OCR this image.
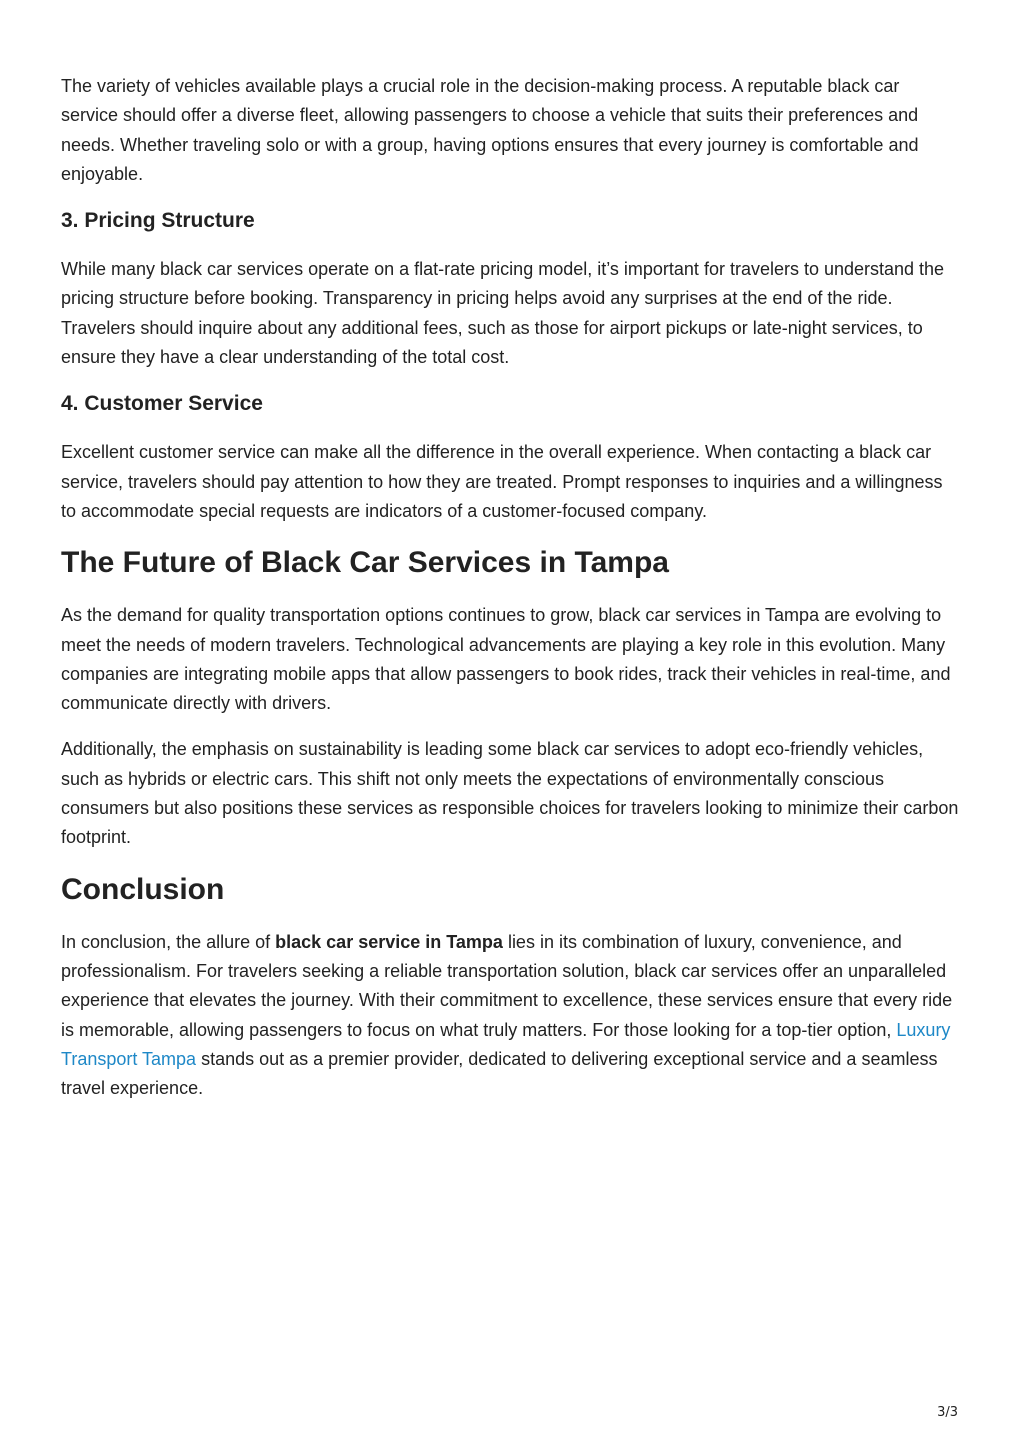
The variety of vehicles available plays a crucial role in the decision-making process. A reputable black car service should offer a diverse fleet, allowing passengers to choose a vehicle that suits their preferences and needs. Whether traveling solo or with a group, having options ensures that every journey is comfortable and enjoyable.

3. Pricing Structure

While many black car services operate on a flat-rate pricing model, it’s important for travelers to understand the pricing structure before booking. Transparency in pricing helps avoid any surprises at the end of the ride. Travelers should inquire about any additional fees, such as those for airport pickups or late-night services, to ensure they have a clear understanding of the total cost.

4. Customer Service

Excellent customer service can make all the difference in the overall experience. When contacting a black car service, travelers should pay attention to how they are treated. Prompt responses to inquiries and a willingness to accommodate special requests are indicators of a customer-focused company.

The Future of Black Car Services in Tampa

As the demand for quality transportation options continues to grow, black car services in Tampa are evolving to meet the needs of modern travelers. Technological advancements are playing a key role in this evolution. Many companies are integrating mobile apps that allow passengers to book rides, track their vehicles in real-time, and communicate directly with drivers.

Additionally, the emphasis on sustainability is leading some black car services to adopt eco-friendly vehicles, such as hybrids or electric cars. This shift not only meets the expectations of environmentally conscious consumers but also positions these services as responsible choices for travelers looking to minimize their carbon footprint.

Conclusion

In conclusion, the allure of black car service in Tampa lies in its combination of luxury, convenience, and professionalism. For travelers seeking a reliable transportation solution, black car services offer an unparalleled experience that elevates the journey. With their commitment to excellence, these services ensure that every ride is memorable, allowing passengers to focus on what truly matters. For those looking for a top-tier option, Luxury Transport Tampa stands out as a premier provider, dedicated to delivering exceptional service and a seamless travel experience.

3/3
